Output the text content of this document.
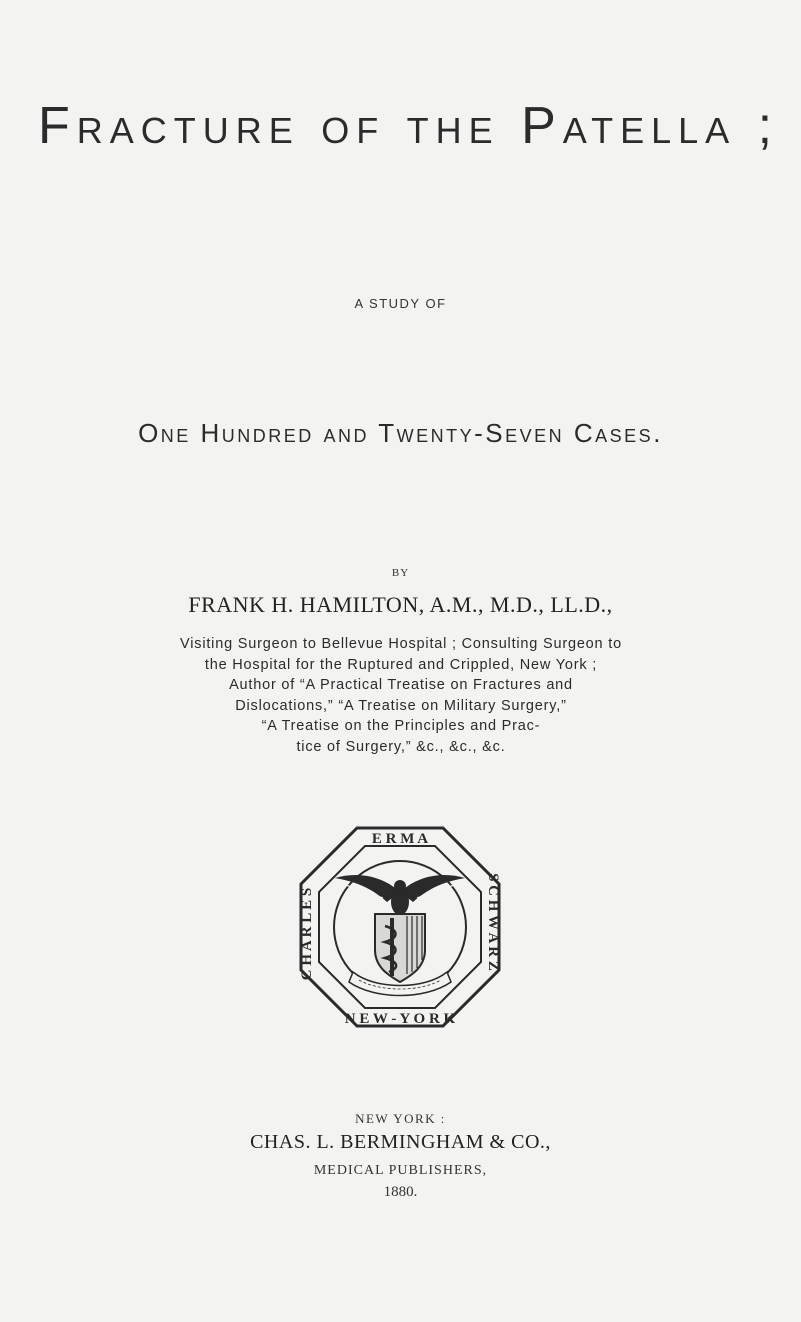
Fracture of the Patella ;
A STUDY OF
One Hundred and Twenty-Seven Cases.
BY
FRANK H. HAMILTON, A.M., M.D., LL.D.,
Visiting Surgeon to Bellevue Hospital ; Consulting Surgeon to
the Hospital for the Ruptured and Crippled, New York ;
Author of “A Practical Treatise on Fractures and
Dislocations,” “A Treatise on Military Surgery,”
“A Treatise on the Principles and Prac-
tice of Surgery,” &c., &c., &c.
E R M A
C H A R L E S	S C H W A R Z
N E W - Y O R K
NEW YORK :
CHAS. L. BERMINGHAM & CO.,
MEDICAL PUBLISHERS,
1880.
